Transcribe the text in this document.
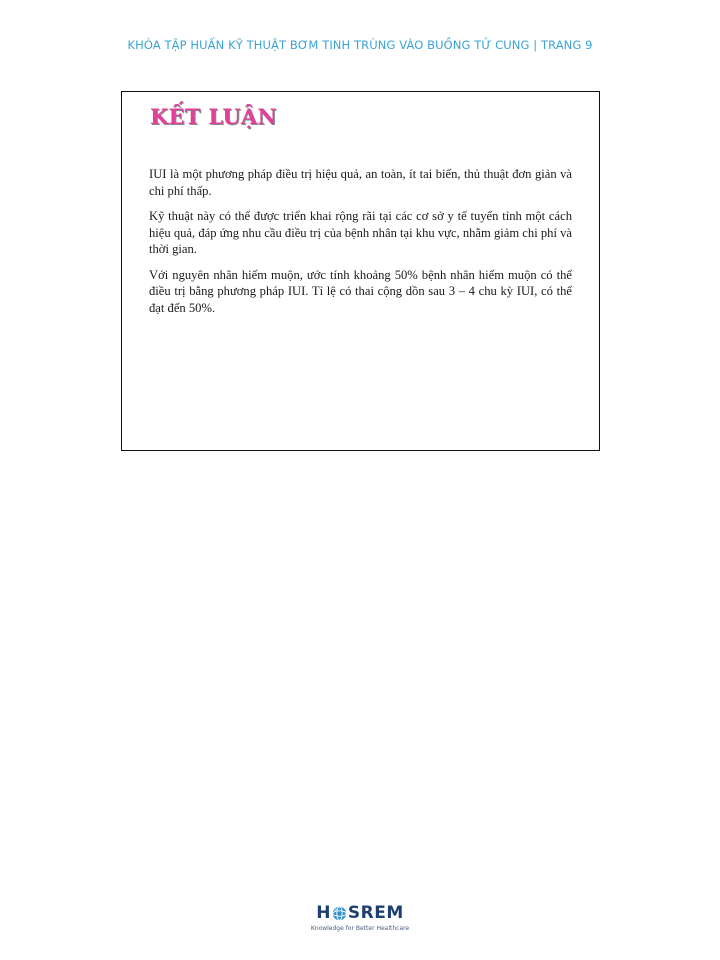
KHÓA TẬP HUẤN KỸ THUẬT BƠM TINH TRÙNG VÀO BUỒNG TỬ CUNG | TRANG 9
KẾT LUẬN

IUI là một phương pháp điều trị hiệu quả, an toàn, ít tai biến, thủ thuật đơn giản và chi phí thấp.

Kỹ thuật này có thể được triển khai rộng rãi tại các cơ sở y tế tuyến tỉnh một cách hiệu quả, đáp ứng nhu cầu điều trị của bệnh nhân tại khu vực, nhằm giảm chi phí và thời gian.

Với nguyên nhân hiếm muộn, ước tính khoảng 50% bệnh nhân hiếm muộn có thể điều trị bằng phương pháp IUI. Tỉ lệ có thai cộng dồn sau 3 – 4 chu kỳ IUI, có thể đạt đến 50%.

H SREM
Knowledge for Better Healthcare
